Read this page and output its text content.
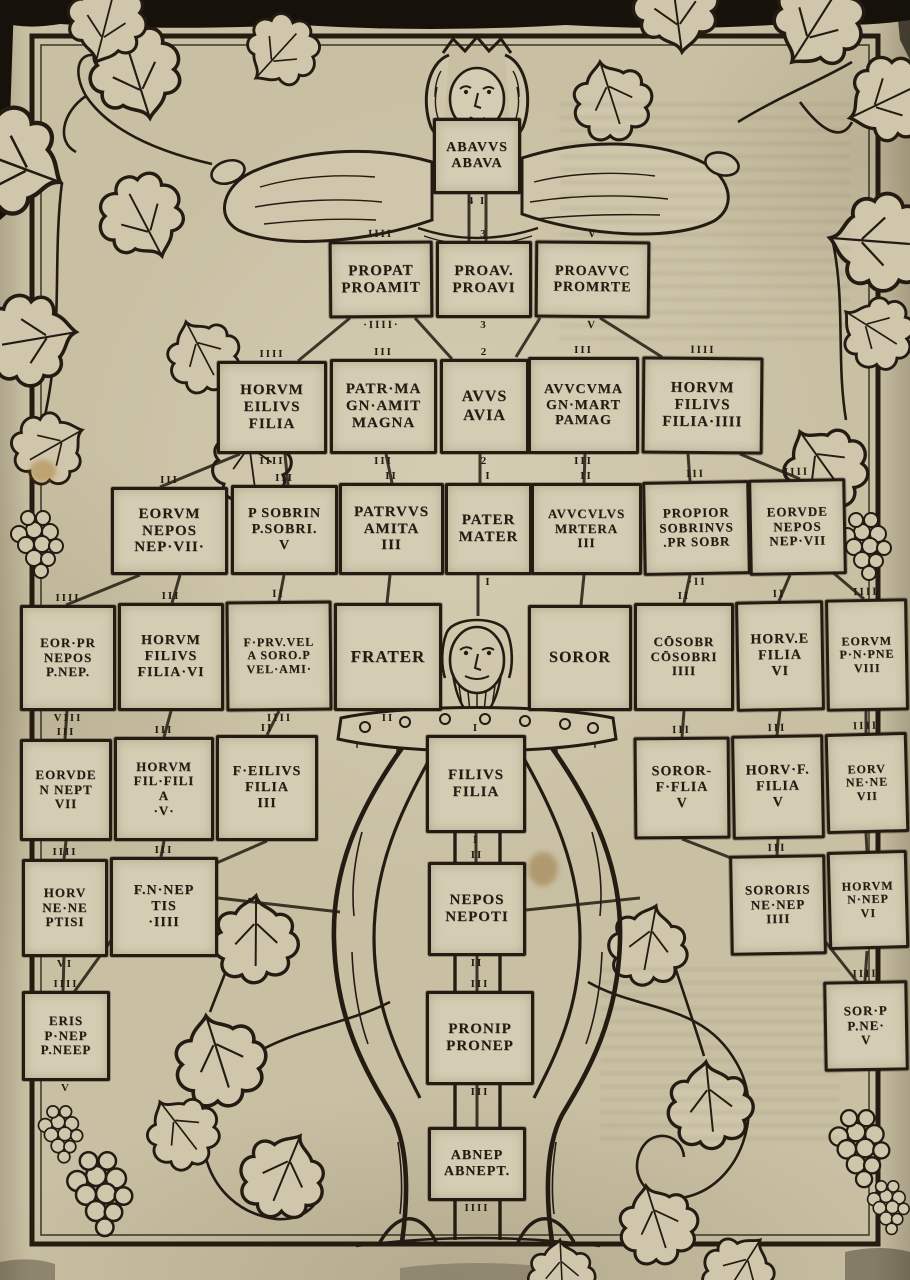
ABAVVS
ABAVA
4 I
IIII
PROPAT
PROAMIT
·IIII·
3
PROAV.
PROAVI
3
V
PROAVVC
PROMRTE
V
IIII
HORVM
EILIVS
FILIA
IIII
III
PATR·MA
GN·AMIT
MAGNA
III
2
AVVS
AVIA
2
III
AVVCVMA
GN·MART
PAMAG
III
IIII
HORVM
FILIVS
FILIA·IIII
III
EORVM
NEPOS
NEP·VII·
III
P SOBRIN
P.SOBRI.
V
II
PATRVVS
AMITA
III
I
PATER
MATER
I
II
AVVCVLVS
MRTERA
III
III
PROPIOR
SOBRINVS
.PR SOBR
·II
IIII
EORVDE
NEPOS
NEP·VII
IIII
EOR·PR
NEPOS
P.NEP.
VIII
III
HORVM
FILIVS
FILIA·VI
II
F·PRV.VEL
A SORO.P
VEL·AMI·
IIII
FRATER
II
SOROR
II
CŌSOBR
CŌSOBRI
IIII
II
HORV.E
FILIA
VI
IIII
EORVM
P·N·PNE
VIII
III
EORVDE
N NEPT
VII
III
HORVM
FIL·FILI
A
·V·
II
F·EILIVS
FILIA
III
I
FILIVS
FILIA
I
III
SOROR-
F·FLIA
V
III
HORV·F.
FILIA
V
IIII
EORV
NE·NE
VII
IIII
HORV
NE·NE
PTISI
VI
III
F.N·NEP
TIS
·IIII
II
NEPOS
NEPOTI
II
III
SORORIS
NE·NEP
IIII
HORVM
N·NEP
VI
IIII
ERIS
P·NEP
P.NEEP
V
III
PRONIP
PRONEP
III
IIII
SOR·P
P.NE·
V
ABNEP
ABNEPT.
IIII
